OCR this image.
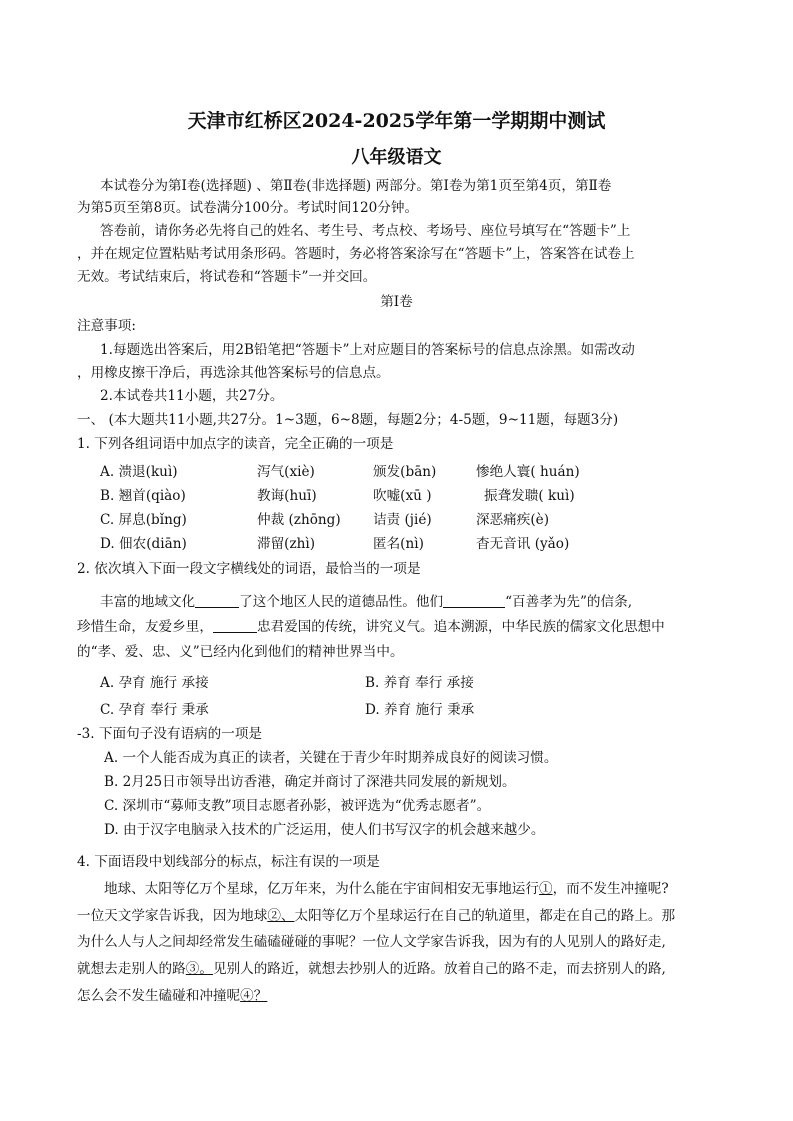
天津市红桥区2024-2025学年第一学期期中测试
八年级语文
本试卷分为第Ⅰ卷(选择题) 、第Ⅱ卷(非选择题) 两部分。第Ⅰ卷为第1页至第4页，第Ⅱ卷
为第5页至第8页。试卷满分100分。考试时间120分钟。
答卷前，请你务必先将自己的姓名、考生号、考点校、考场号、座位号填写在“答题卡”上
，并在规定位置粘贴考试用条形码。答题时，务必将答案涂写在“答题卡”上，答案答在试卷上
无效。考试结束后，将试卷和“答题卡”一并交回。
第Ⅰ卷
注意事项:
1.每题选出答案后，用2B铅笔把“答题卡”上对应题目的答案标号的信息点涂黑。如需改动
，用橡皮擦干净后，再选涂其他答案标号的信息点。
2.本试卷共11小题，共27分。
一、 (本大题共11小题,共27分。1~3题，6~8题，每题2分；4-5题，9~11题，每题3分)
1. 下列各组词语中加点字的读音，完全正确的一项是
A. 溃退(kuì)	泻气(xiè)	颁发(bān)	惨绝人寰( huán)
B. 翘首(qiào)	教诲(huī)	吹嘘(xū )	振聋发聩( kuì)
C. 屏息(bǐng)	仲裁 (zhōng) 诘责 (jié)	深恶痛疾(è)
D. 佃农(diān)	滞留(zhì)	匿名(nì)	杳无音讯 (yǎo)
2. 依次填入下面一段文字横线处的词语，最恰当的一项是
丰富的地域文化	了这个地区人民的道德品性。他们	“百善孝为先”的信条,
珍惜生命，友爱乡里，	忠君爱国的传统，讲究义气。追本溯源，中华民族的儒家文化思想中
的“孝、爱、忠、义”已经内化到他们的精神世界当中。
A. 孕育 施行 承接	B. 养育 奉行 承接
C. 孕育 奉行 秉承	D. 养育 施行 秉承
-3. 下面句子没有语病的一项是
A. 一个人能否成为真正的读者，关键在于青少年时期养成良好的阅读习惯。
B. 2月25日市领导出访香港，确定并商讨了深港共同发展的新规划。
C. 深圳市“募师支教”项目志愿者孙影，被评选为“优秀志愿者”。
D. 由于汉字电脑录入技术的广泛运用，使人们书写汉字的机会越来越少。
4. 下面语段中划线部分的标点，标注有误的一项是
地球、太阳等亿万个星球，亿万年来，为什么能在宇宙间相安无事地运行①，而不发生冲撞呢?
一位天文学家告诉我，因为地球②、太阳等亿万个星球运行在自己的轨道里，都走在自己的路上。那
为什么人与人之间却经常发生磕磕碰碰的事呢？一位人文学家告诉我，因为有的人见别人的路好走,
就想去走别人的路③。见别人的路近，就想去抄别人的近路。放着自己的路不走，而去挤别人的路,
怎么会不发生磕碰和冲撞呢④？
